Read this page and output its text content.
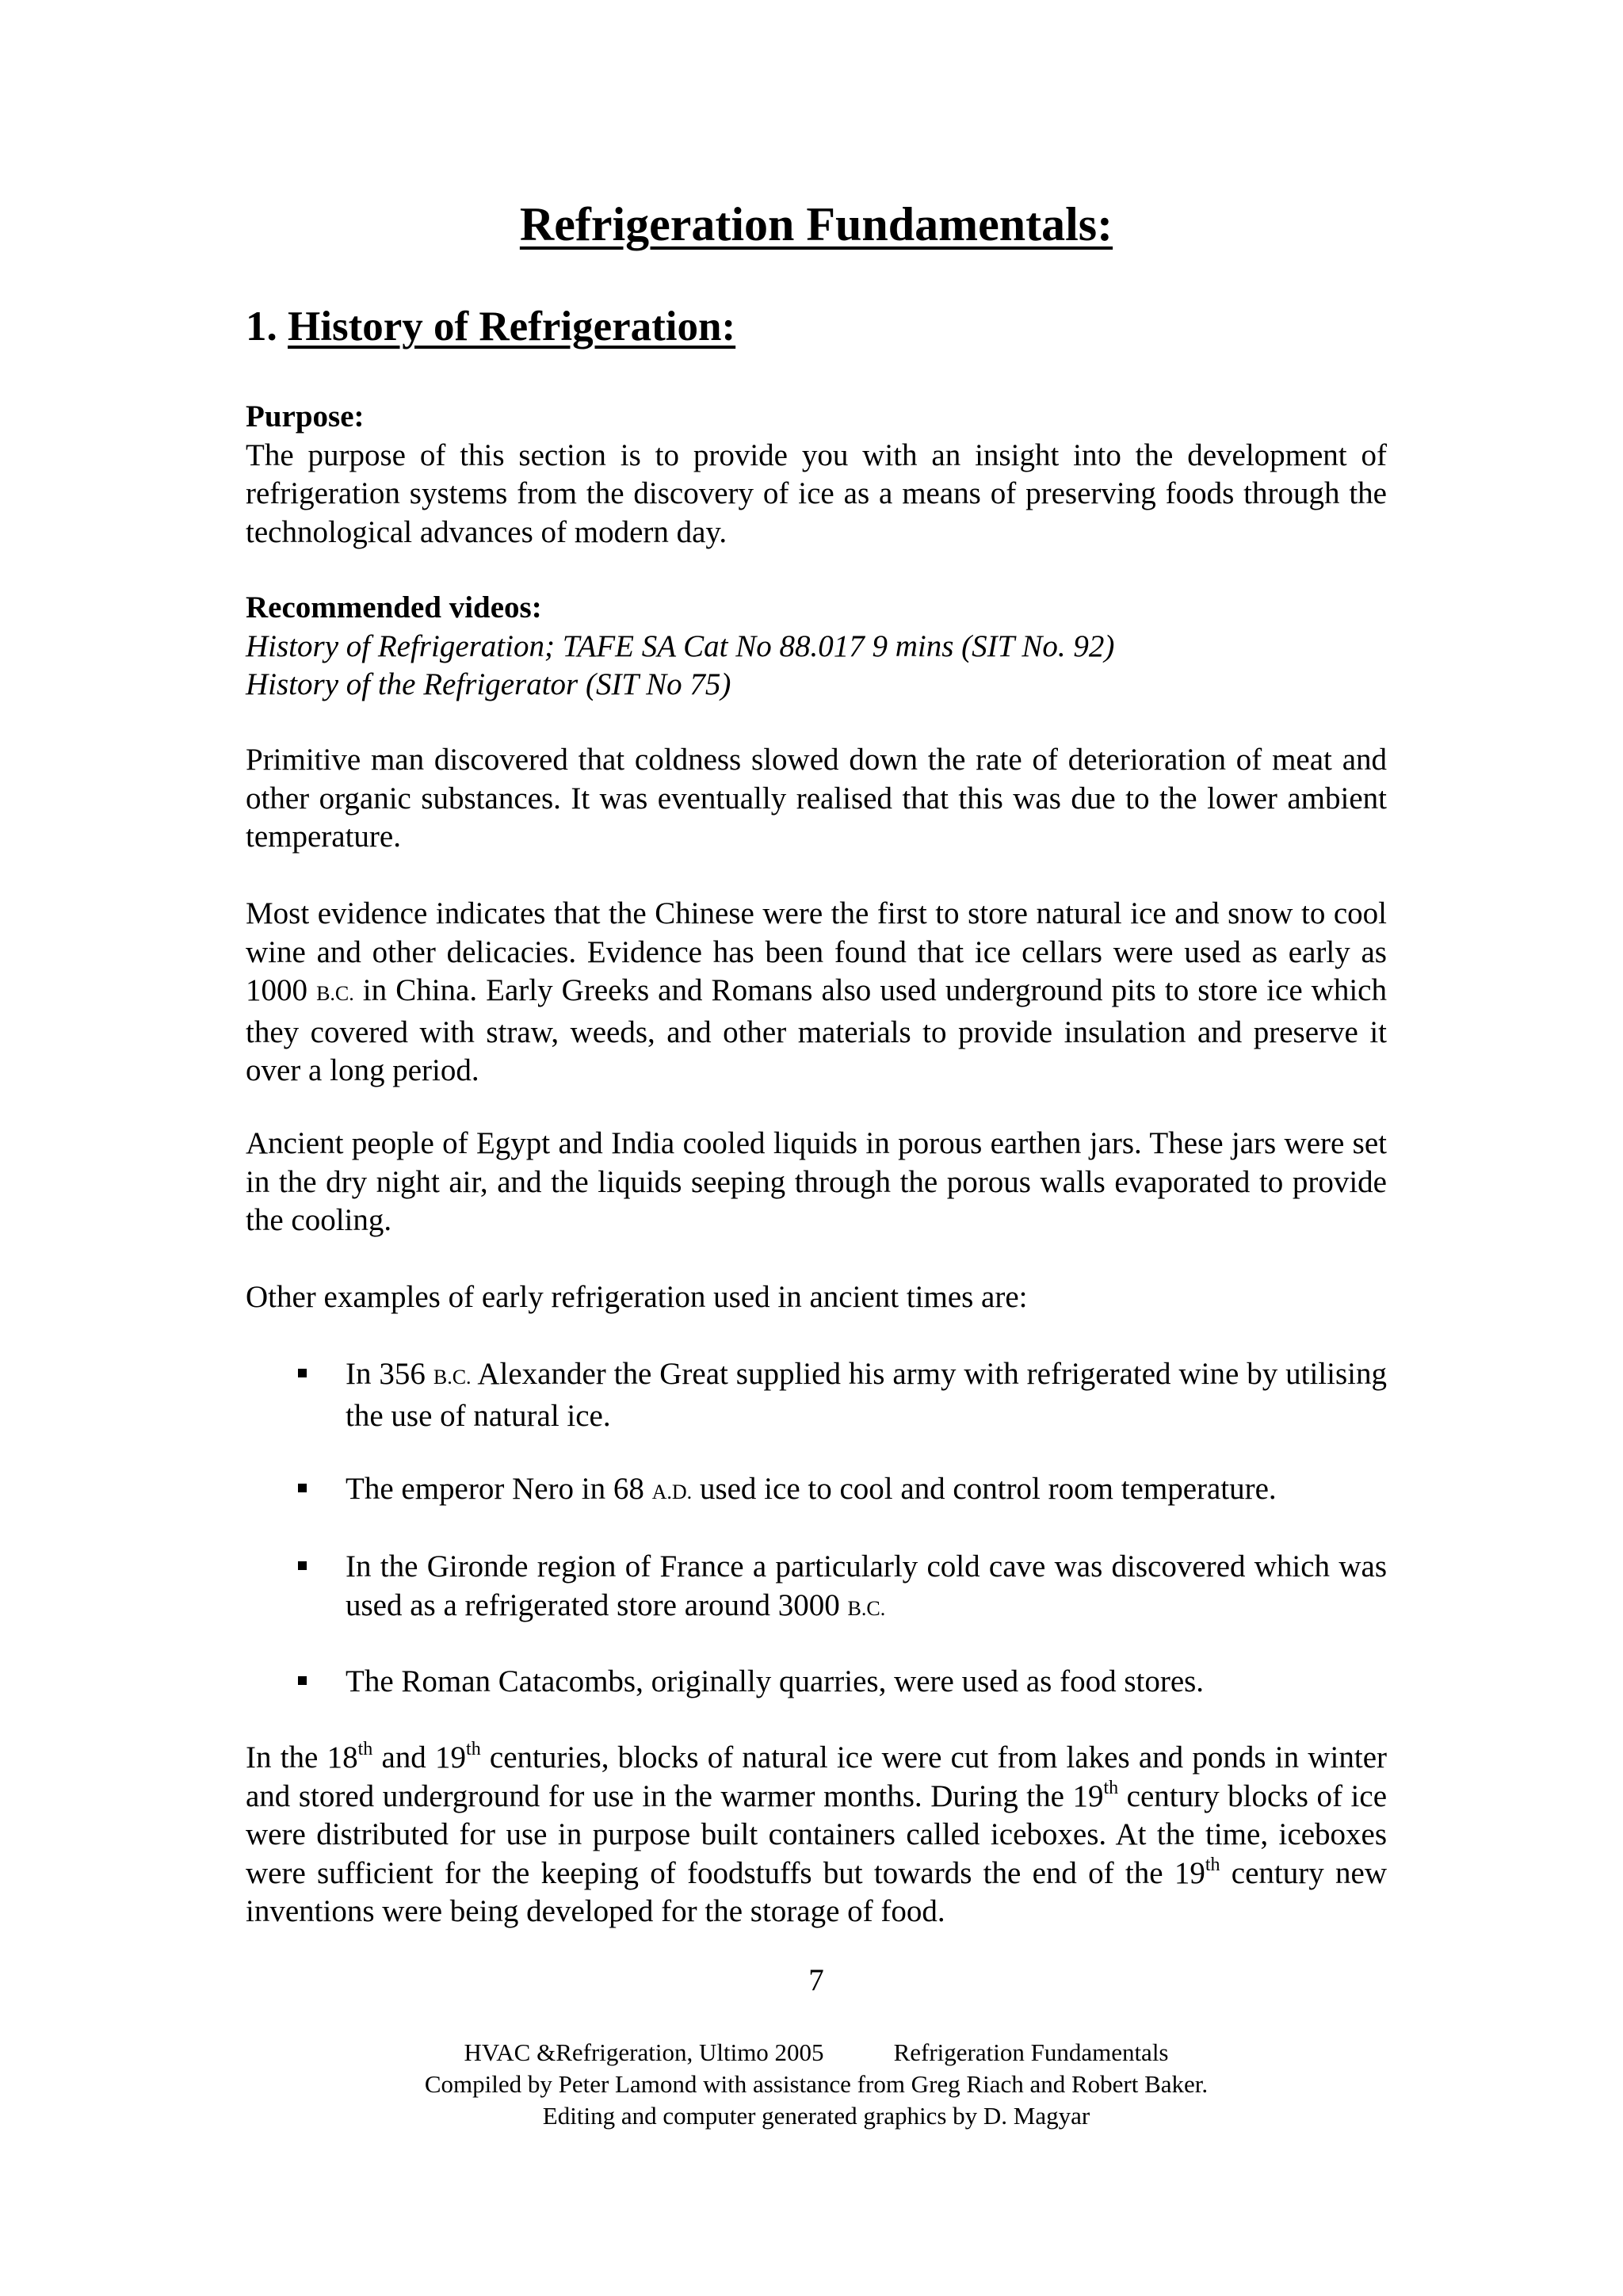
Refrigeration Fundamentals:
1. History of Refrigeration:
Purpose:
The purpose of this section is to provide you with an insight into the development of refrigeration systems from the discovery of ice as a means of preserving foods through the technological advances of modern day.
Recommended videos:
History of Refrigeration; TAFE SA Cat No 88.017 9 mins (SIT No. 92)
History of the Refrigerator (SIT No 75)

Primitive man discovered that coldness slowed down the rate of deterioration of meat and other organic substances. It was eventually realised that this was due to the lower ambient temperature.

Most evidence indicates that the Chinese were the first to store natural ice and snow to cool wine and other delicacies. Evidence has been found that ice cellars were used as early as 1000 B.C. in China. Early Greeks and Romans also used underground pits to store ice which they covered with straw, weeds, and other materials to provide insulation and preserve it over a long period.

Ancient people of Egypt and India cooled liquids in porous earthen jars. These jars were set in the dry night air, and the liquids seeping through the porous walls evaporated to provide the cooling.

Other examples of early refrigeration used in ancient times are:

In 356 B.C. Alexander the Great supplied his army with refrigerated wine by utilising the use of natural ice.
The emperor Nero in 68 A.D. used ice to cool and control room temperature.
In the Gironde region of France a particularly cold cave was discovered which was used as a refrigerated store around 3000 B.C.
The Roman Catacombs, originally quarries, were used as food stores.

In the 18th and 19th centuries, blocks of natural ice were cut from lakes and ponds in winter and stored underground for use in the warmer months. During the 19th century blocks of ice were distributed for use in purpose built containers called iceboxes. At the time, iceboxes were sufficient for the keeping of foodstuffs but towards the end of the 19th century new inventions were being developed for the storage of food.

7

HVAC &Refrigeration, Ultimo 2005	Refrigeration Fundamentals
Compiled by Peter Lamond with assistance from Greg Riach and Robert Baker.
Editing and computer generated graphics by D. Magyar
